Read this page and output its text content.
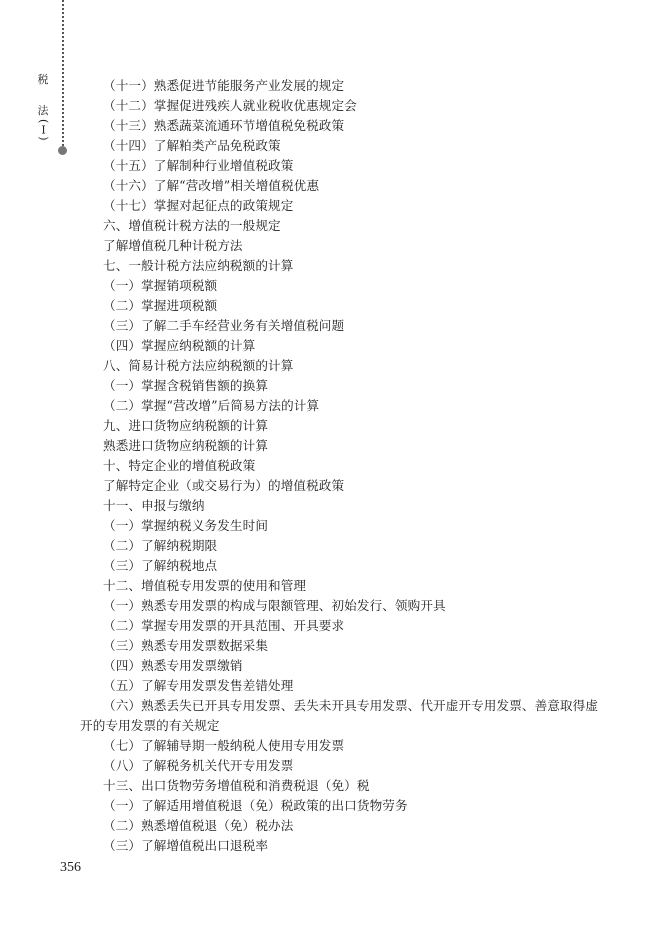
税
法
(Ⅰ)
（十一）熟悉促进节能服务产业发展的规定
（十二）掌握促进残疾人就业税收优惠规定会
（十三）熟悉蔬菜流通环节增值税免税政策
（十四）了解粕类产品免税政策
（十五）了解制种行业增值税政策
（十六）了解“营改增”相关增值税优惠
（十七）掌握对起征点的政策规定
六、增值税计税方法的一般规定
了解增值税几种计税方法
七、一般计税方法应纳税额的计算
（一）掌握销项税额
（二）掌握进项税额
（三）了解二手车经营业务有关增值税问题
（四）掌握应纳税额的计算
八、简易计税方法应纳税额的计算
（一）掌握含税销售额的换算
（二）掌握“营改增”后简易方法的计算
九、进口货物应纳税额的计算
熟悉进口货物应纳税额的计算
十、特定企业的增值税政策
了解特定企业（或交易行为）的增值税政策
十一、申报与缴纳
（一）掌握纳税义务发生时间
（二）了解纳税期限
（三）了解纳税地点
十二、增值税专用发票的使用和管理
（一）熟悉专用发票的构成与限额管理、初始发行、领购开具
（二）掌握专用发票的开具范围、开具要求
（三）熟悉专用发票数据采集
（四）熟悉专用发票缴销
（五）了解专用发票发售差错处理
（六）熟悉丢失已开具专用发票、丢失未开具专用发票、代开虚开专用发票、善意取得虚
开的专用发票的有关规定
（七）了解辅导期一般纳税人使用专用发票
（八）了解税务机关代开专用发票
十三、出口货物劳务增值税和消费税退（免）税
（一）了解适用增值税退（免）税政策的出口货物劳务
（二）熟悉增值税退（免）税办法
（三）了解增值税出口退税率
356
